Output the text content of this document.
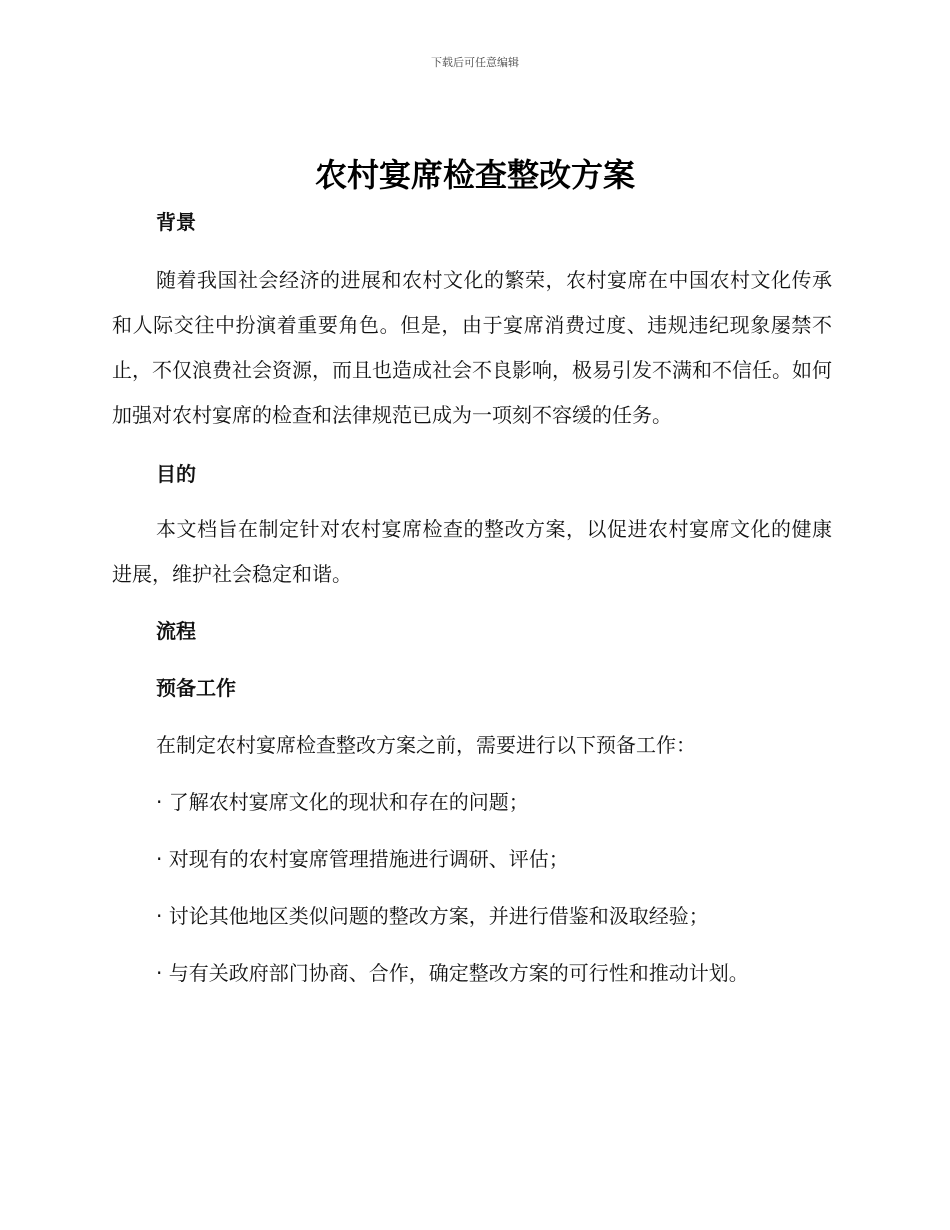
下载后可任意编辑
农村宴席检查整改方案

背景

随着我国社会经济的进展和农村文化的繁荣，农村宴席在中国农村文化传承和人际交往中扮演着重要角色。但是，由于宴席消费过度、违规违纪现象屡禁不止，不仅浪费社会资源，而且也造成社会不良影响，极易引发不满和不信任。如何加强对农村宴席的检查和法律规范已成为一项刻不容缓的任务。

目的

本文档旨在制定针对农村宴席检查的整改方案，以促进农村宴席文化的健康进展，维护社会稳定和谐。

流程

预备工作

在制定农村宴席检查整改方案之前，需要进行以下预备工作：

· 了解农村宴席文化的现状和存在的问题；

· 对现有的农村宴席管理措施进行调研、评估；

· 讨论其他地区类似问题的整改方案，并进行借鉴和汲取经验；

· 与有关政府部门协商、合作，确定整改方案的可行性和推动计划。
